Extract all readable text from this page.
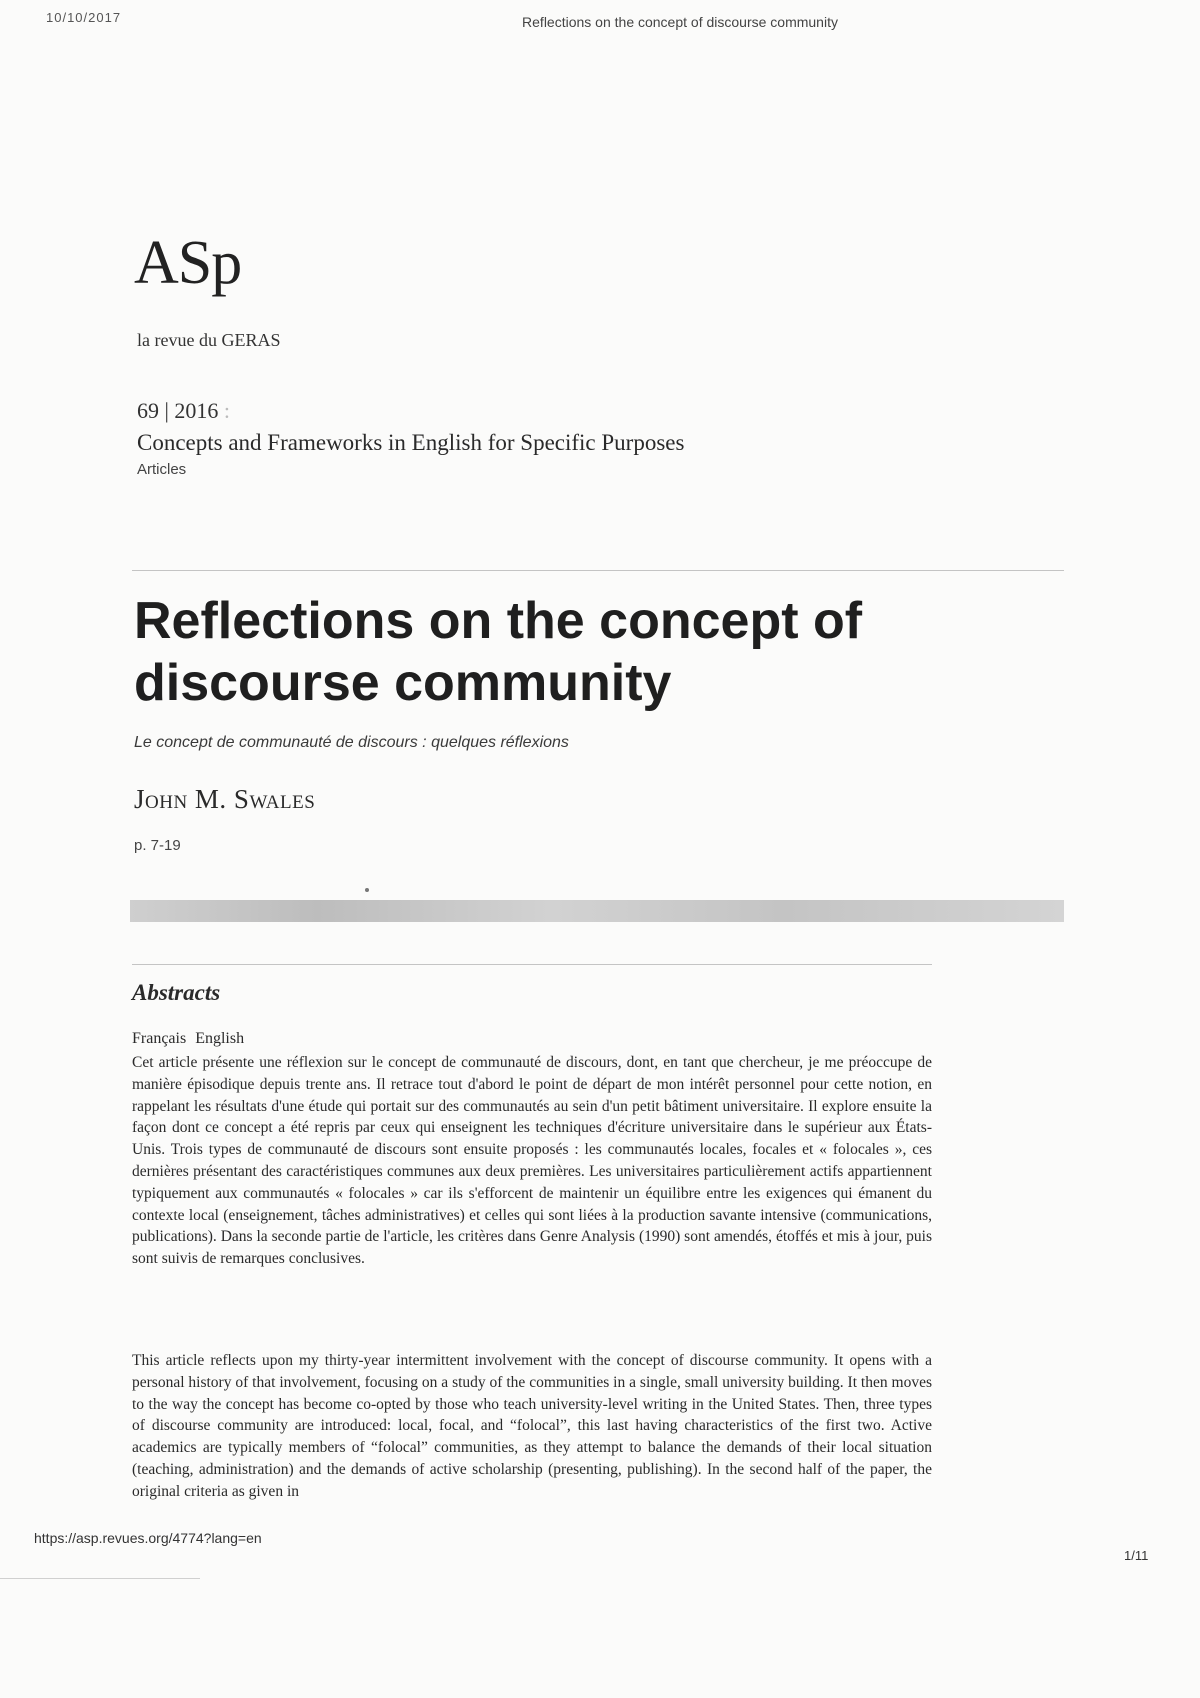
10/10/2017	Reflections on the concept of discourse community
ASp
la revue du GERAS
69 | 2016 :
Concepts and Frameworks in English for Specific Purposes
Articles
Reflections on the concept of discourse community
Le concept de communauté de discours : quelques réflexions
John M. Swales
p. 7-19
Abstracts
Français English

Cet article présente une réflexion sur le concept de communauté de discours, dont, en tant que chercheur, je me préoccupe de manière épisodique depuis trente ans. Il retrace tout d'abord le point de départ de mon intérêt personnel pour cette notion, en rappelant les résultats d'une étude qui portait sur des communautés au sein d'un petit bâtiment universitaire. Il explore ensuite la façon dont ce concept a été repris par ceux qui enseignent les techniques d'écriture universitaire dans le supérieur aux États-Unis. Trois types de communauté de discours sont ensuite proposés : les communautés locales, focales et « folocales », ces dernières présentant des caractéristiques communes aux deux premières. Les universitaires particulièrement actifs appartiennent typiquement aux communautés « folocales » car ils s'efforcent de maintenir un équilibre entre les exigences qui émanent du contexte local (enseignement, tâches administratives) et celles qui sont liées à la production savante intensive (communications, publications). Dans la seconde partie de l'article, les critères dans Genre Analysis (1990) sont amendés, étoffés et mis à jour, puis sont suivis de remarques conclusives.

This article reflects upon my thirty-year intermittent involvement with the concept of discourse community. It opens with a personal history of that involvement, focusing on a study of the communities in a single, small university building. It then moves to the way the concept has become co-opted by those who teach university-level writing in the United States. Then, three types of discourse community are introduced: local, focal, and “folocal”, this last having characteristics of the first two. Active academics are typically members of “folocal” communities, as they attempt to balance the demands of their local situation (teaching, administration) and the demands of active scholarship (presenting, publishing). In the second half of the paper, the original criteria as given in

https://asp.revues.org/4774?lang=en
1/11
